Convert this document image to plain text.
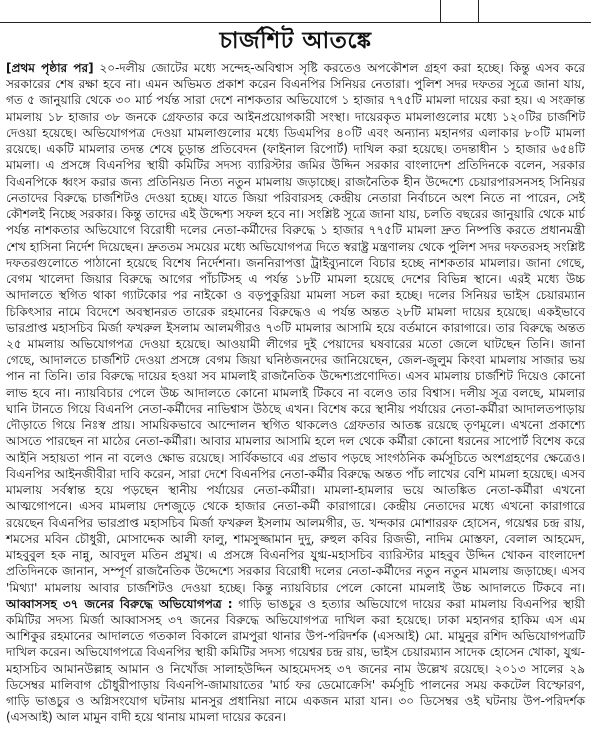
চার্জশিট আতঙ্কে

[প্রথম পৃষ্ঠার পর] ২০-দলীয় জোটের মধ্যে সন্দেহ-অবিশ্বাস সৃষ্টি করতেও অপকৌশল গ্রহণ করা হচ্ছে। কিন্তু এসব করে সরকারের শেষ রক্ষা হবে না। এমন অভিমত প্রকাশ করেন বিএনপির সিনিয়র নেতারা। পুলিশ সদর দফতর সূত্রে জানা যায়, গত ৫ জানুয়ারি থেকে ৩০ মার্চ পর্যন্ত সারা দেশে নাশকতার অভিযোগে ১ হাজার ৭৭৫টি মামলা দায়ের করা হয়। এ সংক্রান্ত মামলায় ১৮ হাজার ৩৮ জনকে গ্রেফতার করে আইনপ্রয়োগকারী সংস্থা। দায়েরকৃত মামলাগুলোর মধ্যে ১২০টির চার্জশিট দেওয়া হয়েছে। অভিযোগপত্র দেওয়া মামলাগুলোর মধ্যে ডিএমপির ৪০টি এবং অন্যান্য মহানগর এলাকার ৮০টি মামলা রয়েছে। একটি মামলার তদন্ত শেষে চূড়ান্ত প্রতিবেদন (ফাইনাল রিপোর্ট) দাখিল করা হয়েছে। তদন্তাধীন ১ হাজার ৬৫৪টি মামলা। এ প্রসঙ্গে বিএনপির স্থায়ী কমিটির সদস্য ব্যারিস্টার জমির উদ্দিন সরকার বাংলাদেশ প্রতিদিনকে বলেন, সরকার বিএনপিকে ধ্বংস করার জন্য প্রতিনিয়ত নিত্য নতুন মামলায় জড়াচ্ছে। রাজনৈতিক হীন উদ্দেশ্যে চেয়ারপারসনসহ সিনিয়র নেতাদের বিরুদ্ধে চার্জশিটও দেওয়া হচ্ছে। যাতে জিয়া পরিবারসহ কেন্দ্রীয় নেতারা নির্বাচনে অংশ নিতে না পারেন, সেই কৌশলই নিচ্ছে সরকার। কিন্তু তাদের এই উদ্দেশ্য সফল হবে না। সংশ্লিষ্ট সূত্রে জানা যায়, চলতি বছরের জানুয়ারি থেকে মার্চ পর্যন্ত নাশকতার অভিযোগে বিরোধী দলের নেতা-কর্মীদের বিরুদ্ধে ১ হাজার ৭৭৫টি মামলা দ্রুত নিষ্পত্তি করতে প্রধানমন্ত্রী শেখ হাসিনা নির্দেশ দিয়েছেন। দ্রুততম সময়ের মধ্যে অভিযোগপত্র দিতে স্বরাষ্ট্র মন্ত্রণালয় থেকে পুলিশ সদর দফতরসহ সংশ্লিষ্ট দফতরগুলোতে পাঠানো হয়েছে বিশেষ নির্দেশনা। জননিরাপত্তা ট্রাইব্যুনালে বিচার হচ্ছে নাশকতার মামলার। জানা গেছে, বেগম খালেদা জিয়ার বিরুদ্ধে আগের পাঁচটিসহ এ পর্যন্ত ১৮টি মামলা হয়েছে দেশের বিভিন্ন স্থানে। এরই মধ্যে উচ্চ আদালতে স্থগিত থাকা গ্যাটকোর পর নাইকো ও বড়পুকুরিয়া মামলা সচল করা হচ্ছে। দলের সিনিয়র ভাইস চেয়ারম্যান চিকিৎসার নামে বিদেশে অবস্থানরত তারেক রহমানের বিরুদ্ধেও এ পর্যন্ত অন্তত ২৮টি মামলা দায়ের হয়েছে। একইভাবে ভারপ্রাপ্ত মহাসচিব মির্জা ফখরুল ইসলাম আলমগীরও ৭৩টি মামলার আসামি হয়ে বর্তমানে কারাগারে। তার বিরুদ্ধে অন্তত ২৫ মামলায় অভিযোগপত্র দেওয়া হয়েছে। আওয়ামী লীগের দুই পেয়াদের ঘষবারের মতো জেলে ঘাটছেন তিনি। জানা গেছে, আদালতে চার্জশিট দেওয়া প্রসঙ্গে বেগম জিয়া ঘনিষ্ঠজনদের জানিয়েছেন, জেল-জুলুম কিংবা মামলায় সাজার ভয় পান না তিনি। তার বিরুদ্ধে দায়ের হওয়া সব মামলাই রাজনৈতিক উদ্দেশ্যপ্রণোদিত। এসব মামলায় চার্জশিট দিয়েও কোনো লাভ হবে না। ন্যায়বিচার পেলে উচ্চ আদালতে কোনো মামলাই টিকবে না বলেও তার বিশ্বাস। দলীয় সূত্র বলছে, মামলার ঘানি টানতে গিয়ে বিএনপি নেতা-কর্মীদের নাভিশ্বাস উঠছে এখন। বিশেষ করে স্থানীয় পর্যায়ের নেতা-কর্মীরা আদালতপাড়ায় দৌড়াতে গিয়ে নিঃস্ব প্রায়। সাময়িকভাবে আন্দোলন স্থগিত থাকলেও গ্রেফতার আতঙ্ক রয়েছে তৃণমূলে। এখনো প্রকাশ্যে আসতে পারছেন না মাঠের নেতা-কর্মীরা। আবার মামলার আসামি হলে দল থেকে কর্মীরা কোনো ধরনের সাপোর্ট বিশেষ করে আইনি সহায়তা পান না বলেও ক্ষোভ রয়েছে। সার্বিকভাবে এর প্রভাব পড়ছে সাংগঠনিক কর্মসূচিতে অংশগ্রহণের ক্ষেত্রেও। বিএনপির আইনজীবীরা দাবি করেন, সারা দেশে বিএনপির নেতা-কর্মীর বিরুদ্ধে অন্তত পাঁচ লাখের বেশি মামলা হয়েছে। এসব মামলায় সর্বস্বান্ত হয়ে পড়ছেন স্থানীয় পর্যায়ের নেতা-কর্মীরা। মামলা-হামলার ভয়ে আতঙ্কিত নেতা-কর্মীরা এখনো আত্মগোপনে। এসব মামলায় দেশজুড়ে থেকে হাজার নেতা-কর্মী কারাগারে। কেন্দ্রীয় নেতাদের মধ্যে এখনো কারাগারে রয়েছেন বিএনপির ভারপ্রাপ্ত মহাসচিব মির্জা ফখরুল ইসলাম আলমগীর, ড. খন্দকার মোশাররফ হোসেন, গয়েশ্বর চন্দ্র রায়, শমসের মবিন চৌধুরী, মোসাদ্দেক আলী ফালু, শামসুজ্জামান দুদু, রুহুল কবির রিজভী, নাদিম মোস্তফা, বেলাল আহমেদ, মাহবুবুল হক নান্নু, আবদুল মতিন প্রমুখ। এ প্রসঙ্গে বিএনপির যুগ্ম-মহাসচিব ব্যারিস্টার মাহবুব উদ্দিন খোকন বাংলাদেশ প্রতিদিনকে জানান, সম্পূর্ণ রাজনৈতিক উদ্দেশ্যে সরকার বিরোধী দলের নেতা-কর্মীদের নতুন নতুন মামলায় জড়াচ্ছে। এসব 'মিথ্যা' মামলায় আবার চার্জশিটও দেওয়া হচ্ছে। কিন্তু ন্যায়বিচার পেলে কোনো মামলাই উচ্চ আদালতে টিকবে না। আব্বাসসহ ৩৭ জনের বিরুদ্ধে অভিযোগপত্র : গাড়ি ভাঙচুর ও হত্যার অভিযোগে দায়ের করা মামলায় বিএনপির স্থায়ী কমিটির সদস্য মির্জা আব্বাসসহ ৩৭ জনের বিরুদ্ধে অভিযোগপত্র দাখিল করা হয়েছে। ঢাকা মহানগর হাকিম এস এম আশিকুর রহমানের আদালতে গতকাল বিকালে রামপুরা থানার উপ-পরিদর্শক (এসআই) মো. মামুনুর রশিদ অভিযোগপত্রটি দাখিল করেন। অভিযোগপত্রে বিএনপির স্থায়ী কমিটির সদস্য গয়েশ্বর চন্দ্র রায়, ভাইস চেয়ারম্যান সাদেক হোসেন খোকা, যুগ্ম-মহাসচিব আমানউল্লাহ আমান ও নিখোঁজ সালাহউদ্দিন আহমেদসহ ৩৭ জনের নাম উল্লেখ রয়েছে। ২০১৩ সালের ২৯ ডিসেম্বর মালিবাগ চৌধুরীপাড়ায় বিএনপি-জামায়াতের 'মার্চ ফর ডেমোক্রেসি' কর্মসূচি পালনের সময় ককটেল বিস্ফোরণ, গাড়ি ভাঙচুর ও অগ্নিসংযোগ ঘটনায় মানসুর প্রধানিয়া নামে একজন মারা যান। ৩০ ডিসেম্বর ওই ঘটনায় উপ-পরিদর্শক (এসআই) আল মামুন বাদী হয়ে থানায় মামলা দায়ের করেন।
